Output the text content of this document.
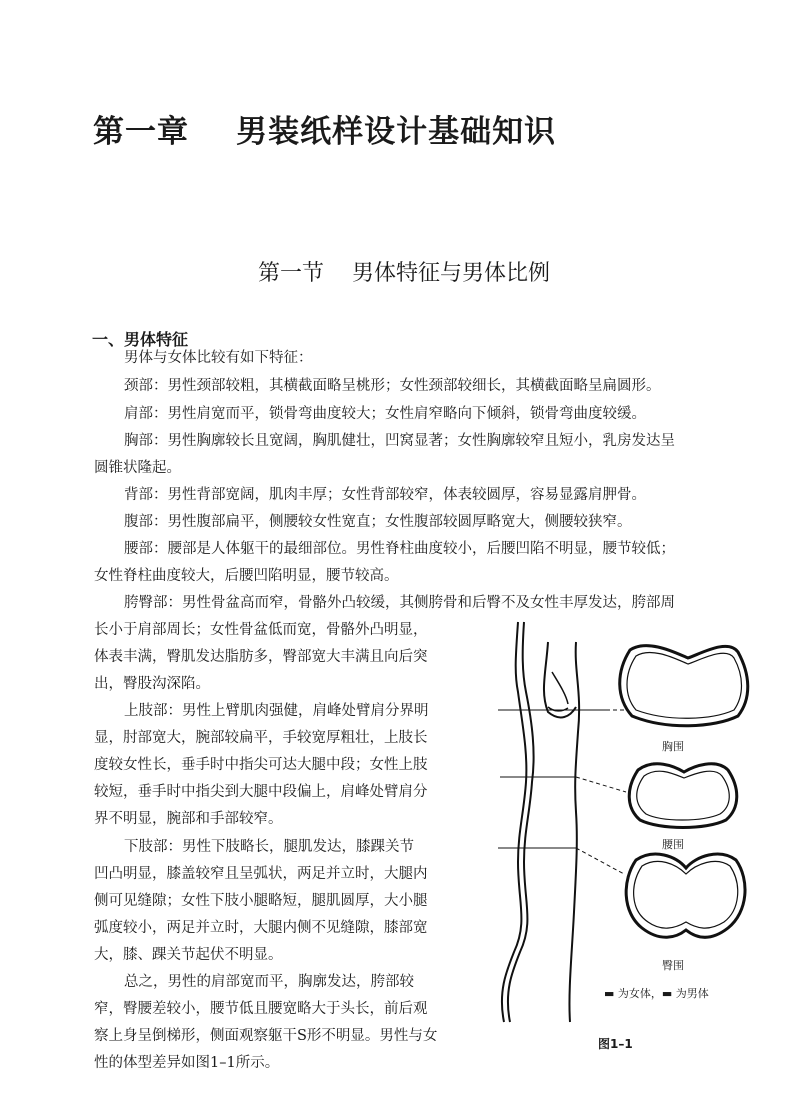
第一章    男装纸样设计基础知识
第一节    男体特征与男体比例
一、男体特征
男体与女体比较有如下特征：
颈部：男性颈部较粗，其横截面略呈桃形；女性颈部较细长，其横截面略呈扁圆形。
肩部：男性肩宽而平，锁骨弯曲度较大；女性肩窄略向下倾斜，锁骨弯曲度较缓。
胸部：男性胸廓较长且宽阔，胸肌健壮，凹窝显著；女性胸廓较窄且短小，乳房发达呈
圆锥状隆起。
背部：男性背部宽阔，肌肉丰厚；女性背部较窄，体表较圆厚，容易显露肩胛骨。
腹部：男性腹部扁平，侧腰较女性宽直；女性腹部较圆厚略宽大，侧腰较狭窄。
腰部：腰部是人体躯干的最细部位。男性脊柱曲度较小，后腰凹陷不明显，腰节较低；
女性脊柱曲度较大，后腰凹陷明显，腰节较高。
胯臀部：男性骨盆高而窄，骨骼外凸较缓，其侧胯骨和后臀不及女性丰厚发达，胯部周
长小于肩部周长；女性骨盆低而宽，骨骼外凸明显，
体表丰满，臀肌发达脂肪多，臀部宽大丰满且向后突
出，臀股沟深陷。
上肢部：男性上臂肌肉强健，肩峰处臂肩分界明
显，肘部宽大，腕部较扁平，手较宽厚粗壮，上肢长
度较女性长，垂手时中指尖可达大腿中段；女性上肢
较短，垂手时中指尖到大腿中段偏上，肩峰处臂肩分
界不明显，腕部和手部较窄。
下肢部：男性下肢略长，腿肌发达，膝踝关节
凹凸明显，膝盖较窄且呈弧状，两足并立时，大腿内
侧可见缝隙；女性下肢小腿略短，腿肌圆厚，大小腿
弧度较小，两足并立时，大腿内侧不见缝隙，膝部宽
大，膝、踝关节起伏不明显。
总之，男性的肩部宽而平，胸廓发达，胯部较
窄，臀腰差较小，腰节低且腰宽略大于头长，前后观
察上身呈倒梯形，侧面观察躯干S形不明显。男性与女
性的体型差异如图1–1所示。
胸围
腰围
臀围
▬ 为女体，▬ 为男体
图1–1
